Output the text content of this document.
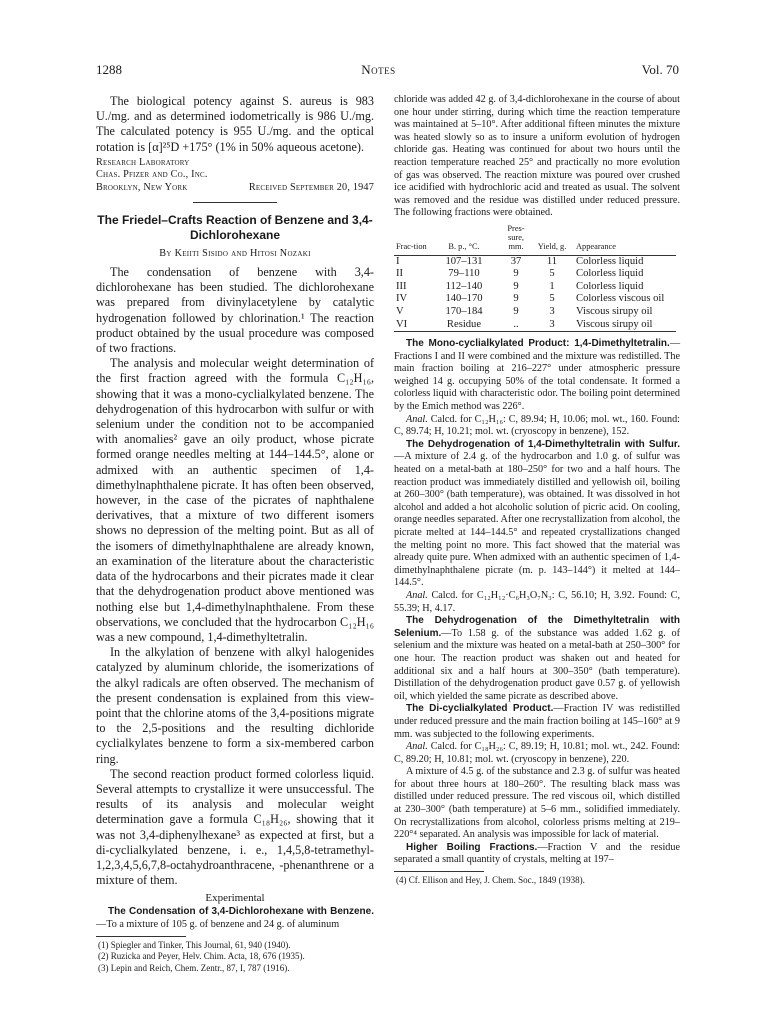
1288	Notes	Vol. 70

The biological potency against S. aureus is 983 U./mg. and as determined iodometrically is 986 U./mg. The calculated potency is 955 U./mg. and the optical rotation is [α]²⁵D +175° (1% in 50% aqueous acetone).

Research Laboratory
Chas. Pfizer and Co., Inc.
Brooklyn, New York	Received September 20, 1947
The Friedel–Crafts Reaction of Benzene and 3,4-Dichlorohexane
By Keiiti Sisido and Hitosi Nozaki

The condensation of benzene with 3,4-dichlorohexane has been studied. The dichlorohexane was prepared from divinylacetylene by catalytic hydrogenation followed by chlorination.¹ The reaction product obtained by the usual procedure was composed of two fractions.

The analysis and molecular weight determination of the first fraction agreed with the formula C₁₂H₁₆, showing that it was a mono-cyclialkylated benzene. The dehydrogenation of this hydrocarbon with sulfur or with selenium under the condition not to be accompanied with anomalies² gave an oily product, whose picrate formed orange needles melting at 144–144.5°, alone or admixed with an authentic specimen of 1,4-dimethylnaphthalene picrate. It has often been observed, however, in the case of the picrates of naphthalene derivatives, that a mixture of two different isomers shows no depression of the melting point. But as all of the isomers of dimethylnaphthalene are already known, an examination of the literature about the characteristic data of the hydrocarbons and their picrates made it clear that the dehydrogenation product above mentioned was nothing else but 1,4-dimethylnaphthalene. From these observations, we concluded that the hydrocarbon C₁₂H₁₆ was a new compound, 1,4-dimethyltetralin.

In the alkylation of benzene with alkyl halogenides catalyzed by aluminum chloride, the isomerizations of the alkyl radicals are often observed. The mechanism of the present condensation is explained from this view-point that the chlorine atoms of the 3,4-positions migrate to the 2,5-positions and the resulting dichloride cyclialkylates benzene to form a six-membered carbon ring.

The second reaction product formed colorless liquid. Several attempts to crystallize it were unsuccessful. The results of its analysis and molecular weight determination gave a formula C₁₈H₂₆, showing that it was not 3,4-diphenylhexane³ as expected at first, but a di-cyclialkylated benzene, i. e., 1,4,5,8-tetramethyl-1,2,3,4,5,6,7,8-octahydroanthracene, -phenanthrene or a mixture of them.

Experimental

The Condensation of 3,4-Dichlorohexane with Benzene.—To a mixture of 105 g. of benzene and 24 g. of aluminum

(1) Spiegler and Tinker, This Journal, 61, 940 (1940).

(2) Ruzicka and Peyer, Helv. Chim. Acta, 18, 676 (1935).

(3) Lepin and Reich, Chem. Zentr., 87, I, 787 (1916).

chloride was added 42 g. of 3,4-dichlorohexane in the course of about one hour under stirring, during which time the reaction temperature was maintained at 5–10°. After additional fifteen minutes the mixture was heated slowly so as to insure a uniform evolution of hydrogen chloride gas. Heating was continued for about two hours until the reaction temperature reached 25° and practically no more evolution of gas was observed. The reaction mixture was poured over crushed ice acidified with hydrochloric acid and treated as usual. The solvent was removed and the residue was distilled under reduced pressure. The following fractions were obtained.

Frac-tion	B. p., °C.	Pres-sure, mm.	Yield, g.	Appearance
I	107–131	37	11	Colorless liquid
II	79–110	9	5	Colorless liquid
III	112–140	9	1	Colorless liquid
IV	140–170	9	5	Colorless viscous oil
V	170–184	9	3	Viscous sirupy oil
VI	Residue	..	3	Viscous sirupy oil

The Mono-cyclialkylated Product: 1,4-Dimethyltetralin.—Fractions I and II were combined and the mixture was redistilled. The main fraction boiling at 216–227° under atmospheric pressure weighed 14 g. occupying 50% of the total condensate. It formed a colorless liquid with characteristic odor. The boiling point determined by the Emich method was 226°.

Anal. Calcd. for C₁₂H₁₆: C, 89.94; H, 10.06; mol. wt., 160. Found: C, 89.74; H, 10.21; mol. wt. (cryoscopy in benzene), 152.

The Dehydrogenation of 1,4-Dimethyltetralin with Sulfur.—A mixture of 2.4 g. of the hydrocarbon and 1.0 g. of sulfur was heated on a metal-bath at 180–250° for two and a half hours. The reaction product was immediately distilled and yellowish oil, boiling at 260–300° (bath temperature), was obtained. It was dissolved in hot alcohol and added a hot alcoholic solution of picric acid. On cooling, orange needles separated. After one recrystallization from alcohol, the picrate melted at 144–144.5° and repeated crystallizations changed the melting point no more. This fact showed that the material was already quite pure. When admixed with an authentic specimen of 1,4-dimethylnaphthalene picrate (m. p. 143–144°) it melted at 144–144.5°.

Anal. Calcd. for C₁₂H₁₂·C₆H₃O₇N₃: C, 56.10; H, 3.92. Found: C, 55.39; H, 4.17.

The Dehydrogenation of the Dimethyltetralin with Selenium.—To 1.58 g. of the substance was added 1.62 g. of selenium and the mixture was heated on a metal-bath at 250–300° for one hour. The reaction product was shaken out and heated for additional six and a half hours at 300–350° (bath temperature). Distillation of the dehydrogenation product gave 0.57 g. of yellowish oil, which yielded the same picrate as described above.

The Di-cyclialkylated Product.—Fraction IV was redistilled under reduced pressure and the main fraction boiling at 145–160° at 9 mm. was subjected to the following experiments.

Anal. Calcd. for C₁₈H₂₆: C, 89.19; H, 10.81; mol. wt., 242. Found: C, 89.20; H, 10.81; mol. wt. (cryoscopy in benzene), 220.

A mixture of 4.5 g. of the substance and 2.3 g. of sulfur was heated for about three hours at 180–260°. The resulting black mass was distilled under reduced pressure. The red viscous oil, which distilled at 230–300° (bath temperature) at 5–6 mm., solidified immediately. On recrystallizations from alcohol, colorless prisms melting at 219–220°⁴ separated. An analysis was impossible for lack of material.

Higher Boiling Fractions.—Fraction V and the residue separated a small quantity of crystals, melting at 197–

(4) Cf. Ellison and Hey, J. Chem. Soc., 1849 (1938).
